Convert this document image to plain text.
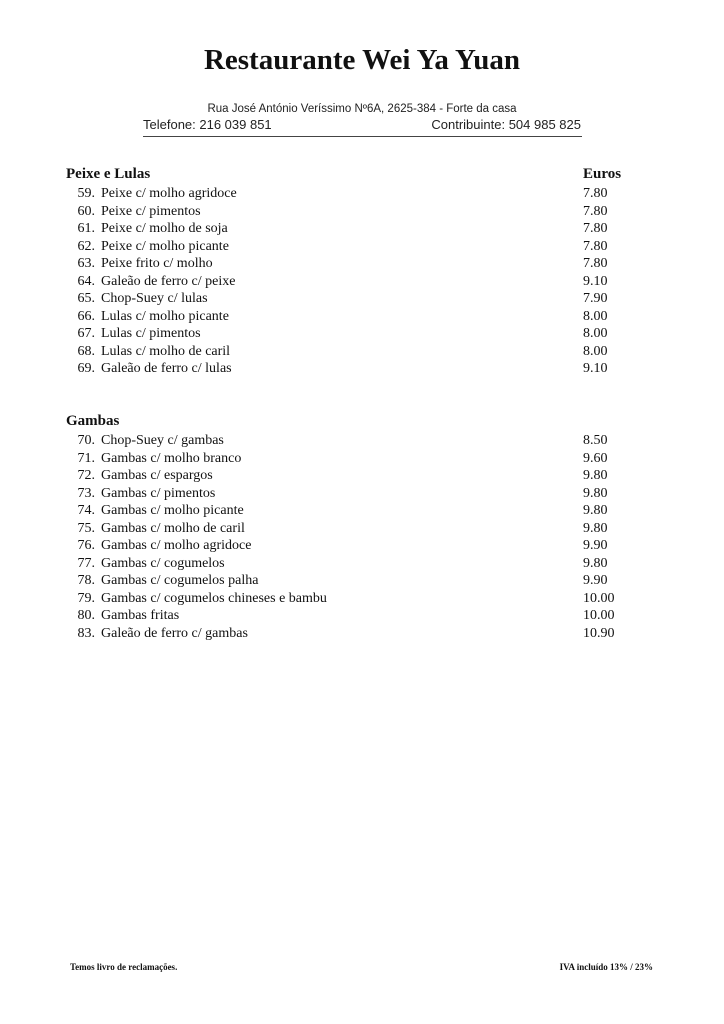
Restaurante Wei Ya Yuan
Rua José António Veríssimo Nº6A, 2625-384 - Forte da casa
Telefone: 216 039 851	Contribuinte: 504 985 825
Peixe e Lulas	Euros
59. Peixe c/ molho agridoce	7.80
60. Peixe c/ pimentos	7.80
61. Peixe c/ molho de soja	7.80
62. Peixe c/ molho picante	7.80
63. Peixe frito c/ molho	7.80
64. Galeão de ferro c/ peixe	9.10
65. Chop-Suey c/ lulas	7.90
66. Lulas c/ molho picante	8.00
67. Lulas c/ pimentos	8.00
68. Lulas c/ molho de caril	8.00
69. Galeão de ferro c/ lulas	9.10
Gambas
70. Chop-Suey c/ gambas	8.50
71. Gambas c/ molho branco	9.60
72. Gambas c/ espargos	9.80
73. Gambas c/ pimentos	9.80
74. Gambas c/ molho picante	9.80
75. Gambas c/ molho de caril	9.80
76. Gambas c/ molho agridoce	9.90
77. Gambas c/ cogumelos	9.80
78. Gambas c/ cogumelos palha	9.90
79. Gambas c/ cogumelos chineses e bambu	10.00
80. Gambas fritas	10.00
83. Galeão de ferro c/ gambas	10.90
Temos livro de reclamações.	IVA incluído 13% / 23%
